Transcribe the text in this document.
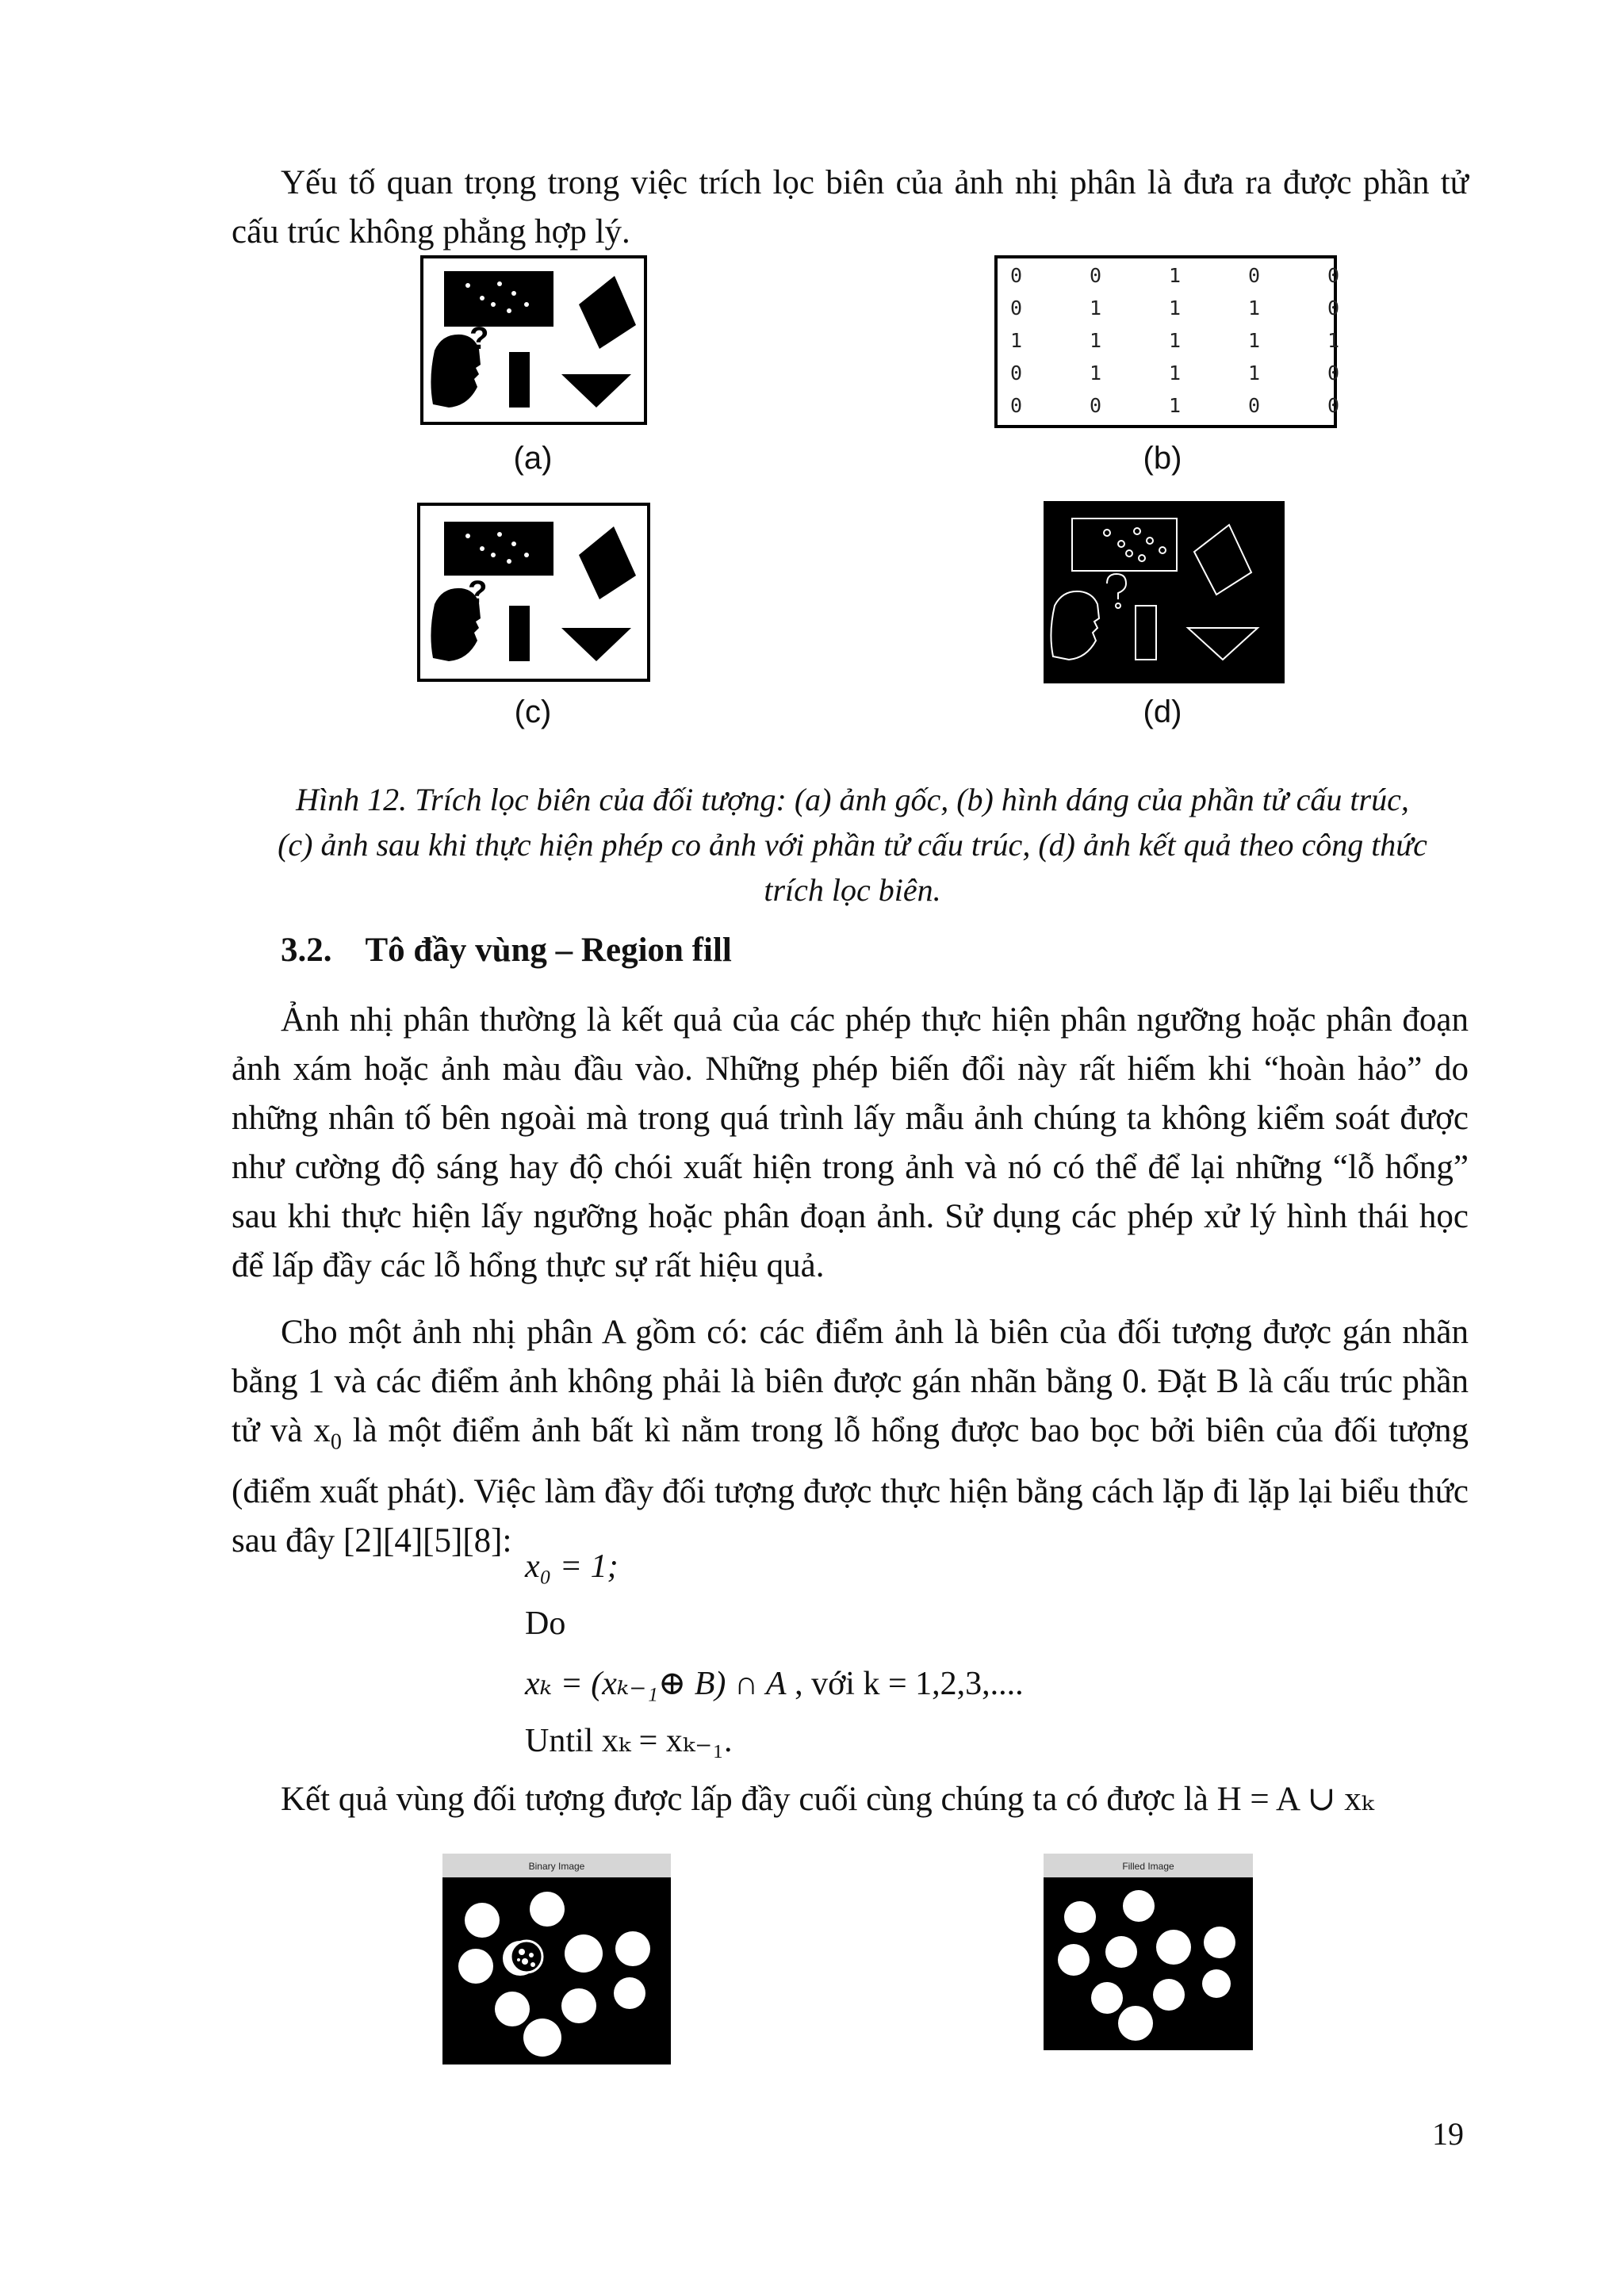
Yếu tố quan trọng trong việc trích lọc biên của ảnh nhị phân là đưa ra được phần tử cấu trúc không phẳng hợp lý.

?
(a)
0	0	1	0	0
0	1	1	1	0
1	1	1	1	1
0	1	1	1	0
0	0	1	0	0
(b)
?
(c)	(d)
Hình 12. Trích lọc biên của đối tượng: (a) ảnh gốc, (b) hình dáng của phần tử cấu trúc,
(c) ảnh sau khi thực hiện phép co ảnh với phần tử cấu trúc, (d) ảnh kết quả theo công thức
trích lọc biên.
3.2. Tô đầy vùng – Region fill

Ảnh nhị phân thường là kết quả của các phép thực hiện phân ngưỡng hoặc phân đoạn ảnh xám hoặc ảnh màu đầu vào. Những phép biến đổi này rất hiếm khi “hoàn hảo” do những nhân tố bên ngoài mà trong quá trình lấy mẫu ảnh chúng ta không kiểm soát được như cường độ sáng hay độ chói xuất hiện trong ảnh và nó có thể để lại những “lỗ hổng” sau khi thực hiện lấy ngưỡng hoặc phân đoạn ảnh. Sử dụng các phép xử lý hình thái học để lấp đầy các lỗ hổng thực sự rất hiệu quả.

Cho một ảnh nhị phân A gồm có: các điểm ảnh là biên của đối tượng được gán nhãn bằng 1 và các điểm ảnh không phải là biên được gán nhãn bằng 0. Đặt B là cấu trúc phần tử và $x_0$ là một điểm ảnh bất kì nằm trong lỗ hổng được bao bọc bởi biên của đối tượng (điểm xuất phát). Việc làm đầy đối tượng được thực hiện bằng cách lặp đi lặp lại biểu thức sau đây [2][4][5][8]:

x₀ = 1;
Do
xₖ = (xₖ₋₁⊕ B) ∩ A , với k = 1,2,3,....
Until xₖ = xₖ₋₁.
Kết quả vùng đối tượng được lấp đầy cuối cùng chúng ta có được là H = A ∪ xₖ
Binary Image	Filled Image
19
